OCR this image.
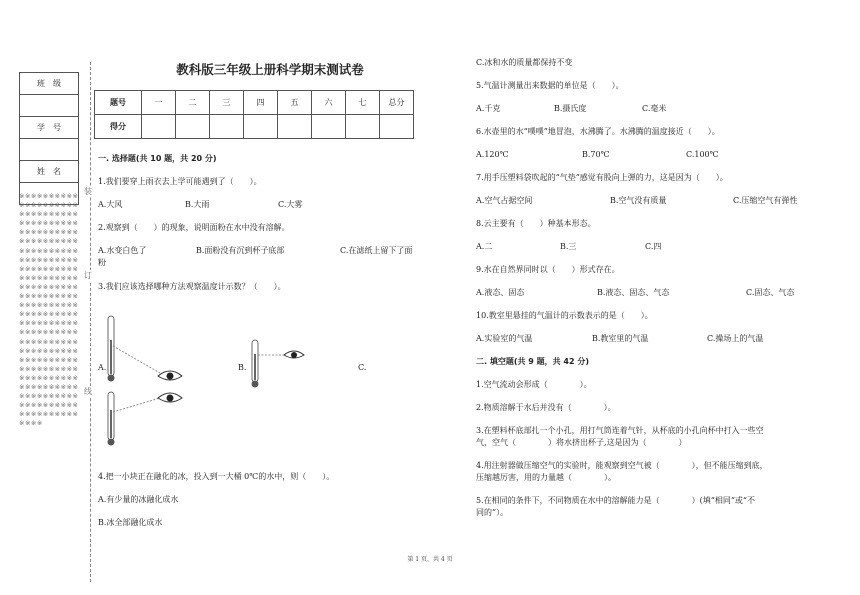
班　级

学　号

姓　名

※※※※※※※※※※※※※※※※※※※※※※※※※※※※※※※※※※※※※※※※※※※※※※※※※※※※※※※※※※※※※※※※※※※※※※※※※※※※※※※※※※※※※※※※※※※※※※※※※※※※※※※※※※※※※※※※※※※※※※※※※※※※※※※※※※※※※※※※※※※※※※※※※※※※※※※※※※※※※※※※※※※※※※※※※※※※※※※※※※※※※※※※※※※※※※※※※※※※※※※※※※※※※※※※※※※※※※※※※※※※※※※※※※※※※※※※※※※※※※※※※※※※※※※※※※※※※※
装
订
线
教科版三年级上册科学期末测试卷
题号	一	二	三	四	五	六	七	总分
得分								
一. 选择题(共 10 题，共 20 分)
1.我们要穿上雨衣去上学可能遇到了（　　）。
A.大风	B.大雨	C.大雾
2.观察到（　　）的现象，说明面粉在水中没有溶解。
A.水变白色了	B.面粉没有沉到杯子底部	C.在滤纸上留下了面
粉
3.我们应该选择哪种方法观察温度计示数？（　　）。
A.	B.	C.
4.把一小块正在融化的冰，投入到一大桶 0℃的水中，则（　　）。
A.有少量的冰融化成水
B.冰全部融化成水
C.冰和水的质量都保持不变
5.气温计测量出来数据的单位是（　　）。
A.千克	B.摄氏度	C.毫米
6.水壶里的水“噗噗”地冒泡，水沸腾了。水沸腾的温度接近（　　）。
A.120℃	B.70℃	C.100℃
7.用手压塑料袋吹起的“气垫”感觉有股向上弹的力，这是因为（　　）。
A.空气占据空间	B.空气没有质量	C.压缩空气有弹性
8.云主要有（　　）种基本形态。
A.二	B.三	C.四
9.水在自然界同时以（　　）形式存在。
A.液态、固态	B.液态、固态、气态	C.固态、气态
10.教室里悬挂的气温计的示数表示的是（　　）。
A.实验室的气温	B.教室里的气温	C.操场上的气温
二. 填空题(共 9 题，共 42 分)
1.空气流动会形成（　　　　）。
2.物质溶解于水后并没有（　　　　）。
3.在塑料杯底部扎一个小孔，用打气筒连着气针，从杯底的小孔向杯中打入一些空
气，空气（　　　　）将水挤出杯子,这是因为（　　　　）
4.用注射器做压缩空气的实验时，能观察到空气被（　　　　），但不能压缩到底，
压缩越厉害，用的力量越（　　　　）。
5.在相同的条件下，不同物质在水中的溶解能力是（　　　　）(填“相同”或“不
同的”）。
第 1 页，共 4 页
